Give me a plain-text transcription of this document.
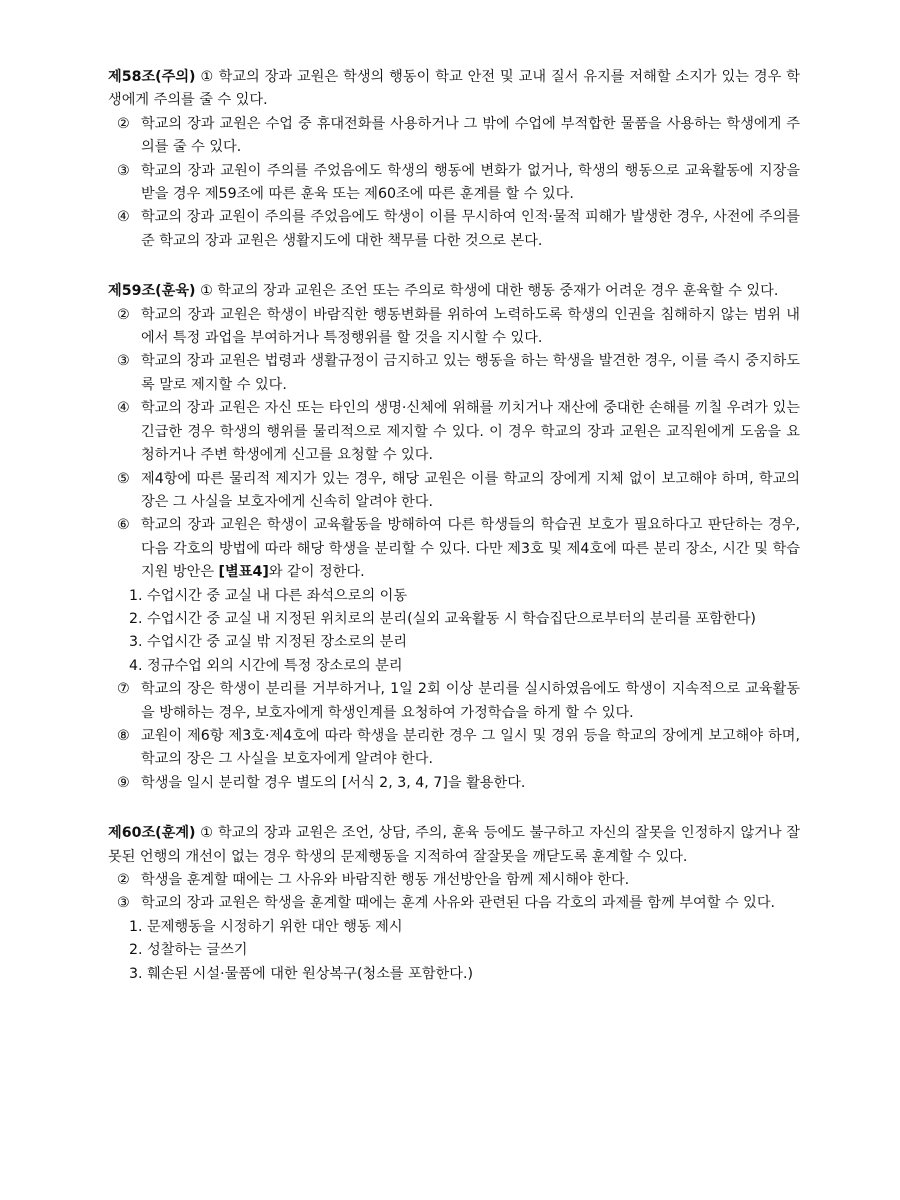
제58조(주의) ① 학교의 장과 교원은 학생의 행동이 학교 안전 및 교내 질서 유지를 저해할 소지가 있는 경우 학생에게 주의를 줄 수 있다.
② 학교의 장과 교원은 수업 중 휴대전화를 사용하거나 그 밖에 수업에 부적합한 물품을 사용하는 학생에게 주의를 줄 수 있다.
③ 학교의 장과 교원이 주의를 주었음에도 학생의 행동에 변화가 없거나, 학생의 행동으로 교육활동에 지장을 받을 경우 제59조에 따른 훈육 또는 제60조에 따른 훈계를 할 수 있다.
④ 학교의 장과 교원이 주의를 주었음에도 학생이 이를 무시하여 인적·물적 피해가 발생한 경우, 사전에 주의를 준 학교의 장과 교원은 생활지도에 대한 책무를 다한 것으로 본다.
제59조(훈육) ① 학교의 장과 교원은 조언 또는 주의로 학생에 대한 행동 중재가 어려운 경우 훈육할 수 있다.
② 학교의 장과 교원은 학생이 바람직한 행동변화를 위하여 노력하도록 학생의 인권을 침해하지 않는 범위 내에서 특정 과업을 부여하거나 특정행위를 할 것을 지시할 수 있다.
③ 학교의 장과 교원은 법령과 생활규정이 금지하고 있는 행동을 하는 학생을 발견한 경우, 이를 즉시 중지하도록 말로 제지할 수 있다.
④ 학교의 장과 교원은 자신 또는 타인의 생명·신체에 위해를 끼치거나 재산에 중대한 손해를 끼칠 우려가 있는 긴급한 경우 학생의 행위를 물리적으로 제지할 수 있다. 이 경우 학교의 장과 교원은 교직원에게 도움을 요청하거나 주변 학생에게 신고를 요청할 수 있다.
⑤ 제4항에 따른 물리적 제지가 있는 경우, 해당 교원은 이를 학교의 장에게 지체 없이 보고해야 하며, 학교의 장은 그 사실을 보호자에게 신속히 알려야 한다.
⑥ 학교의 장과 교원은 학생이 교육활동을 방해하여 다른 학생들의 학습권 보호가 필요하다고 판단하는 경우, 다음 각호의 방법에 따라 해당 학생을 분리할 수 있다. 다만 제3호 및 제4호에 따른 분리 장소, 시간 및 학습지원 방안은 [별표4]와 같이 정한다.
1. 수업시간 중 교실 내 다른 좌석으로의 이동
2. 수업시간 중 교실 내 지정된 위치로의 분리(실외 교육활동 시 학습집단으로부터의 분리를 포함한다)
3. 수업시간 중 교실 밖 지정된 장소로의 분리
4. 정규수업 외의 시간에 특정 장소로의 분리
⑦ 학교의 장은 학생이 분리를 거부하거나, 1일 2회 이상 분리를 실시하였음에도 학생이 지속적으로 교육활동을 방해하는 경우, 보호자에게 학생인계를 요청하여 가정학습을 하게 할 수 있다.
⑧ 교원이 제6항 제3호·제4호에 따라 학생을 분리한 경우 그 일시 및 경위 등을 학교의 장에게 보고해야 하며, 학교의 장은 그 사실을 보호자에게 알려야 한다.
⑨ 학생을 일시 분리할 경우 별도의 [서식 2, 3, 4, 7]을 활용한다.
제60조(훈계) ① 학교의 장과 교원은 조언, 상담, 주의, 훈육 등에도 불구하고 자신의 잘못을 인정하지 않거나 잘못된 언행의 개선이 없는 경우 학생의 문제행동을 지적하여 잘잘못을 깨닫도록 훈계할 수 있다.
② 학생을 훈계할 때에는 그 사유와 바람직한 행동 개선방안을 함께 제시해야 한다.
③ 학교의 장과 교원은 학생을 훈계할 때에는 훈계 사유와 관련된 다음 각호의 과제를 함께 부여할 수 있다.
1. 문제행동을 시정하기 위한 대안 행동 제시
2. 성찰하는 글쓰기
3. 훼손된 시설·물품에 대한 원상복구(청소를 포함한다.)
